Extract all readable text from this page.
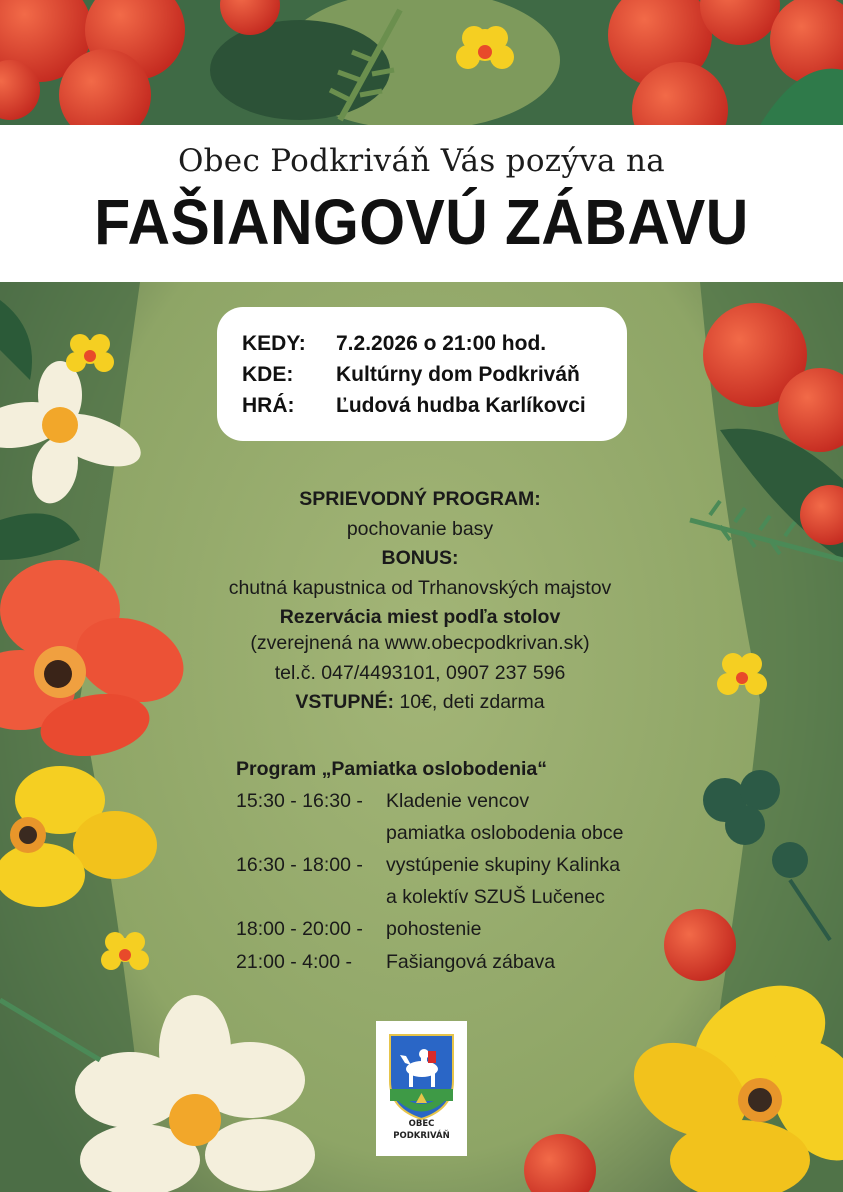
Obec Podkriváň Vás pozýva na
FAŠIANGOVÚ ZÁBAVU
KEDY: 7.2.2026 o 21:00 hod.
KDE: Kultúrny dom Podkriváň
HRÁ: Ľudová hudba Karlíkovci
SPRIEVODNÝ PROGRAM:
pochovanie basy
BONUS:
chutná kapustnica od Trhanovských majstov
Rezervácia miest podľa stolov
(zverejnená na www.obecpodkrivan.sk)
tel.č. 047/4493101, 0907 237 596
VSTUPNÉ: 10€, deti zdarma
Program „Pamiatka oslobodenia“
15:30 - 16:30 - Kladenie vencov
pamiatka oslobodenia obce
16:30 - 18:00 - vystúpenie skupiny Kalinka
a kolektív SZUŠ Lučenec
18:00 - 20:00 - pohostenie
21:00 - 4:00 - Fašiangová zábava
OBEC
PODKRIVÁŇ
